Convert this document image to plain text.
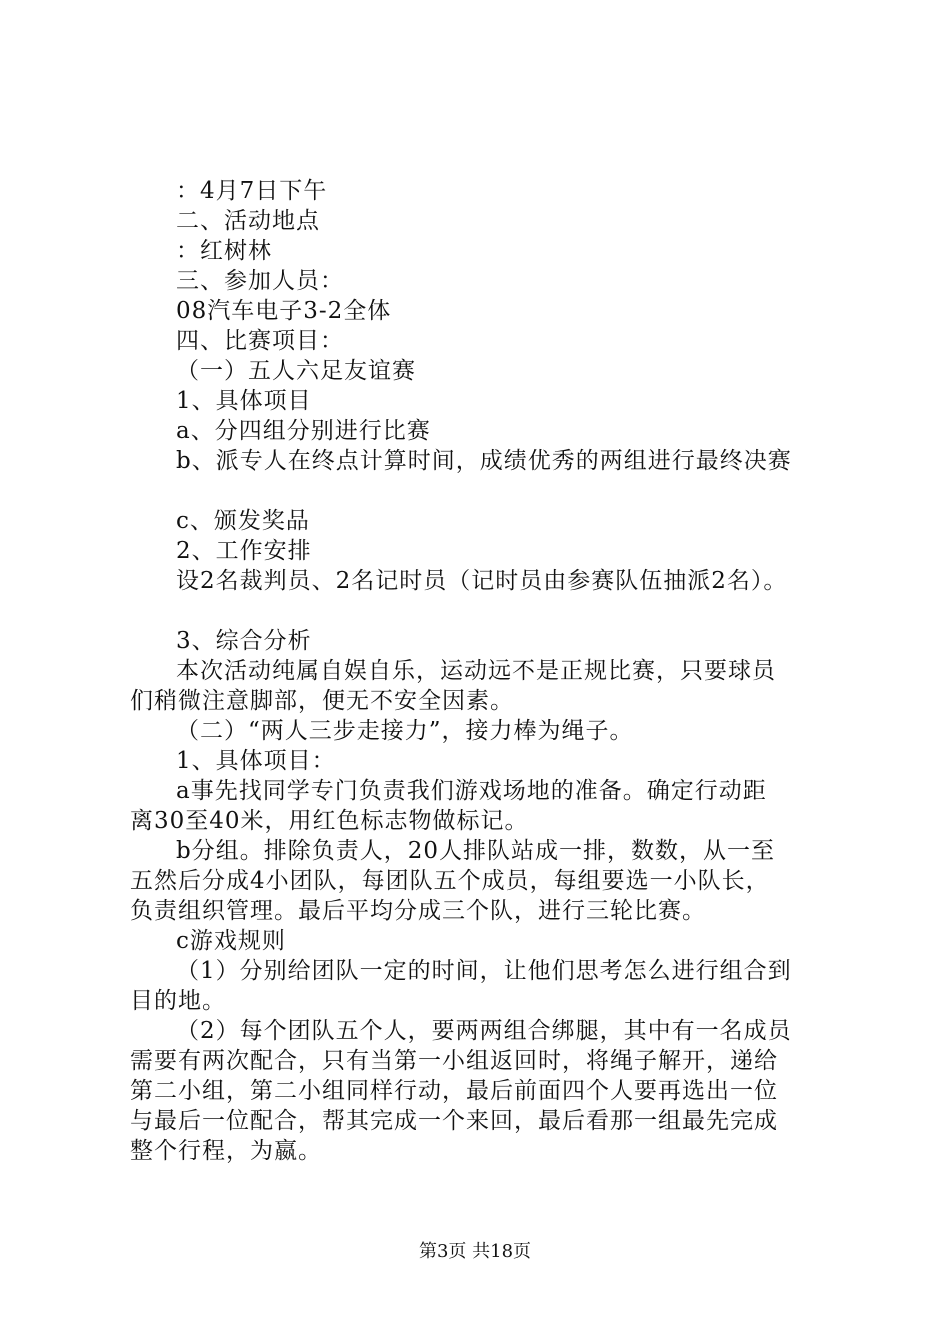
：4月7日下午
二、活动地点
：红树林
三、参加人员：
08汽车电子3-2全体
四、比赛项目：
（一）五人六足友谊赛
1、具体项目
a、分四组分别进行比赛
b、派专人在终点计算时间，成绩优秀的两组进行最终决赛
c、颁发奖品
2、工作安排
设2名裁判员、2名记时员（记时员由参赛队伍抽派2名）。
3、综合分析
本次活动纯属自娱自乐，运动远不是正规比赛，只要球员
们稍微注意脚部，便无不安全因素。
（二）“两人三步走接力”，接力棒为绳子。
1、具体项目：
a事先找同学专门负责我们游戏场地的准备。确定行动距
离30至40米，用红色标志物做标记。
b分组。排除负责人，20人排队站成一排，数数，从一至
五然后分成4小团队，每团队五个成员，每组要选一小队长，
负责组织管理。最后平均分成三个队，进行三轮比赛。
c游戏规则
（1）分别给团队一定的时间，让他们思考怎么进行组合到
目的地。
（2）每个团队五个人，要两两组合绑腿，其中有一名成员
需要有两次配合，只有当第一小组返回时，将绳子解开，递给
第二小组，第二小组同样行动，最后前面四个人要再选出一位
与最后一位配合，帮其完成一个来回，最后看那一组最先完成
整个行程，为嬴。
第3页 共18页
